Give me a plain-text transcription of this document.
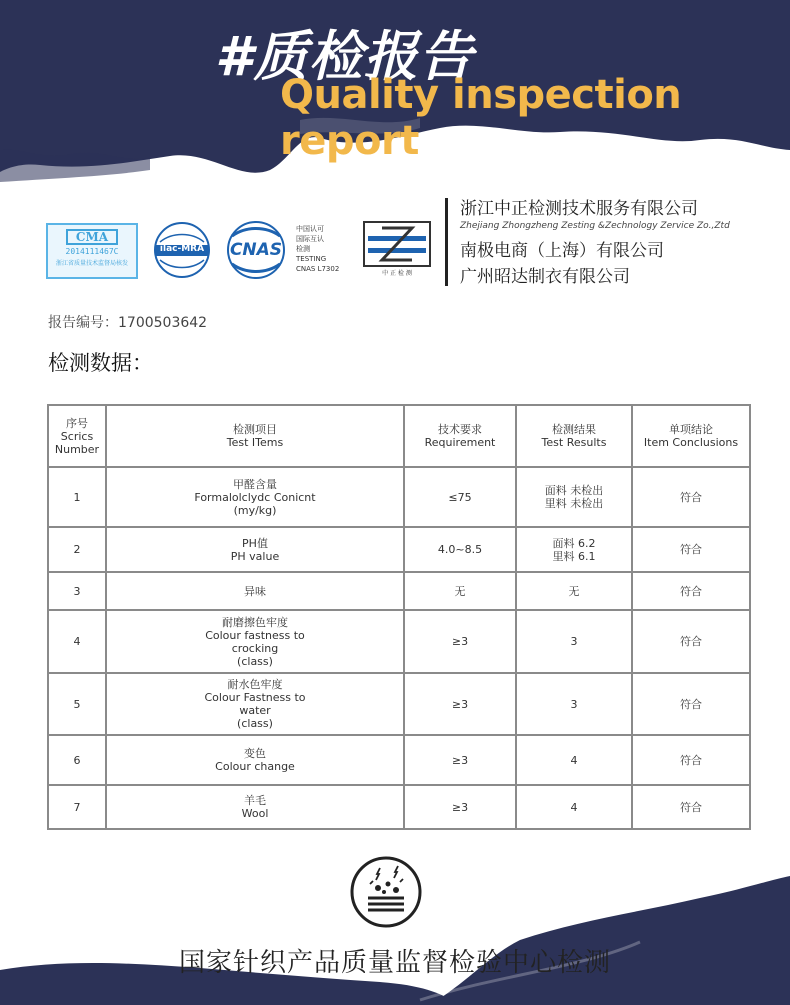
#质检报告
Quality inspection report
CMA
2014111467C
浙江省质量技术监督局核发
ilac-MRA	CNAS
中国认可
国际互认
检测
TESTING
CNAS L7302
中 正 检 测
浙江中正检测技术服务有限公司
Zhejiang Zhongzheng Zesting &Zechnology Zervice Zo.,Ztd
南极电商（上海）有限公司
广州昭达制衣有限公司
报告编号：1700503642
检测数据：
序号
Scrics
Number	检测项目
Test ITems	技术要求
Requirement	检测结果
Test Results	单项结论
Item Conclusions

1	甲醛含量
Formalolclydc Conicnt
(my/kg)	≤75	面料 未检出
里料 未检出	符合
2	PH值
PH value	4.0~8.5	面料 6.2
里料 6.1	符合
3	异味	无	无	符合
4	耐磨擦色牢度
Colour fastness to
crocking
(class)	≥3	3	符合
5	耐水色牢度
Colour Fastness to
water
(class)	≥3	3	符合
6	变色
Colour change	≥3	4	符合
7	羊毛
Wool	≥3	4	符合
国家针织产品质量监督检验中心检测
